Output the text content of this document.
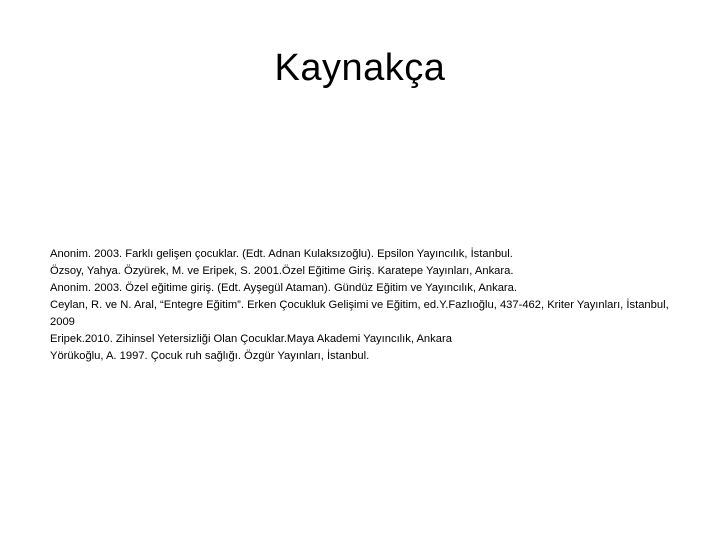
Kaynakça
Anonim. 2003. Farklı gelişen çocuklar. (Edt. Adnan Kulaksızoğlu). Epsilon Yayıncılık, İstanbul.
Özsoy, Yahya. Özyürek, M. ve Eripek, S. 2001.Özel Eğitime Giriş. Karatepe Yayınları, Ankara.
Anonim. 2003. Özel eğitime giriş. (Edt. Ayşegül Ataman). Gündüz Eğitim ve Yayıncılık, Ankara.
Ceylan, R. ve N. Aral, “Entegre Eğitim”. Erken Çocukluk Gelişimi ve Eğitim, ed.Y.Fazlıoğlu, 437-462, Kriter Yayınları, İstanbul, 2009
Eripek.2010. Zihinsel Yetersizliği Olan Çocuklar.Maya Akademi Yayıncılık, Ankara
Yörükoğlu, A. 1997. Çocuk ruh sağlığı. Özgür Yayınları, İstanbul.
